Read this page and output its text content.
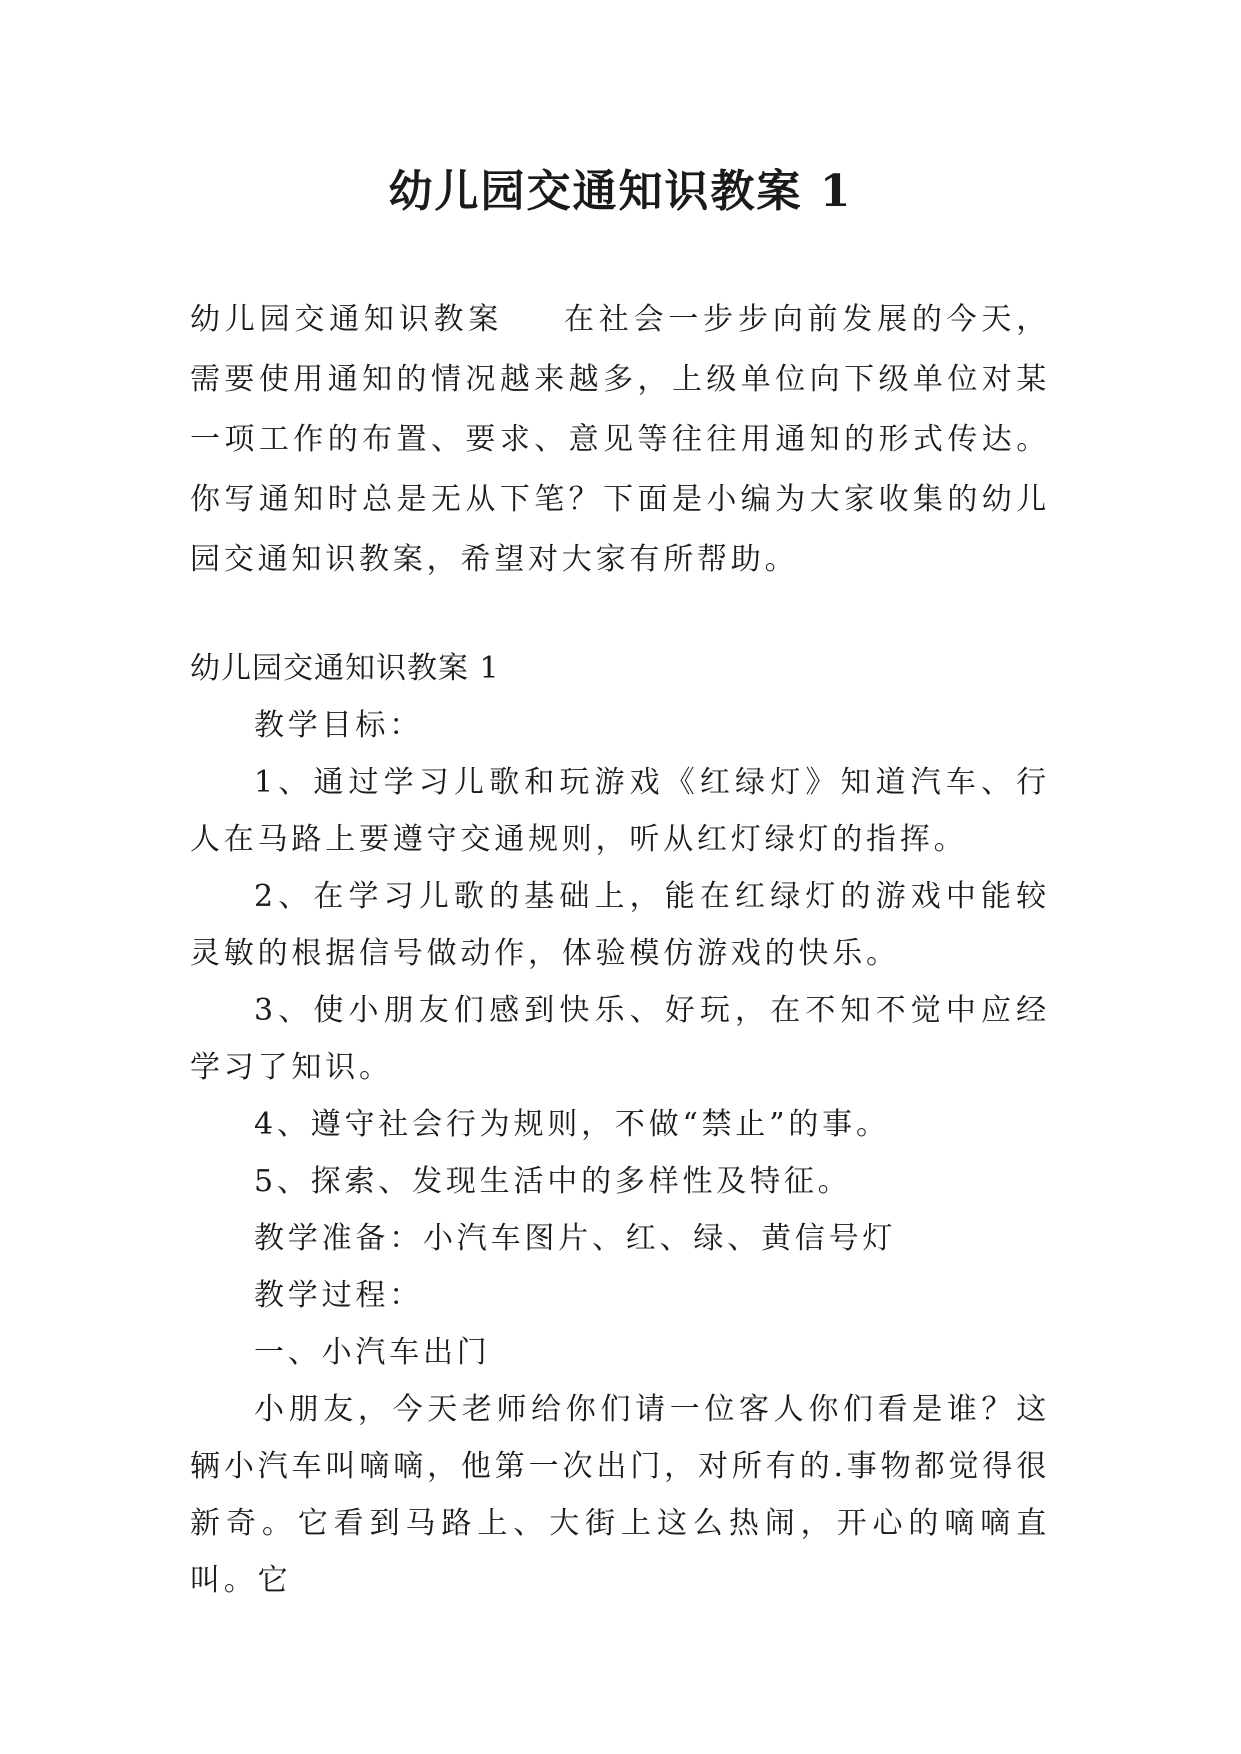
幼儿园交通知识教案 1

幼儿园交通知识教案 在社会一步步向前发展的今天，需要使用通知的情况越来越多，上级单位向下级单位对某一项工作的布置、要求、意见等往往用通知的形式传达。你写通知时总是无从下笔？下面是小编为大家收集的幼儿园交通知识教案，希望对大家有所帮助。

幼儿园交通知识教案 1

教学目标：

1、通过学习儿歌和玩游戏《红绿灯》知道汽车、行人在马路上要遵守交通规则，听从红灯绿灯的指挥。

2、在学习儿歌的基础上，能在红绿灯的游戏中能较灵敏的根据信号做动作，体验模仿游戏的快乐。

3、使小朋友们感到快乐、好玩，在不知不觉中应经学习了知识。

4、遵守社会行为规则，不做“禁止”的事。

5、探索、发现生活中的多样性及特征。

教学准备：小汽车图片、红、绿、黄信号灯

教学过程：

一、小汽车出门

小朋友，今天老师给你们请一位客人你们看是谁？这辆小汽车叫嘀嘀，他第一次出门，对所有的.事物都觉得很新奇。它看到马路上、大街上这么热闹，开心的嘀嘀直叫。它
